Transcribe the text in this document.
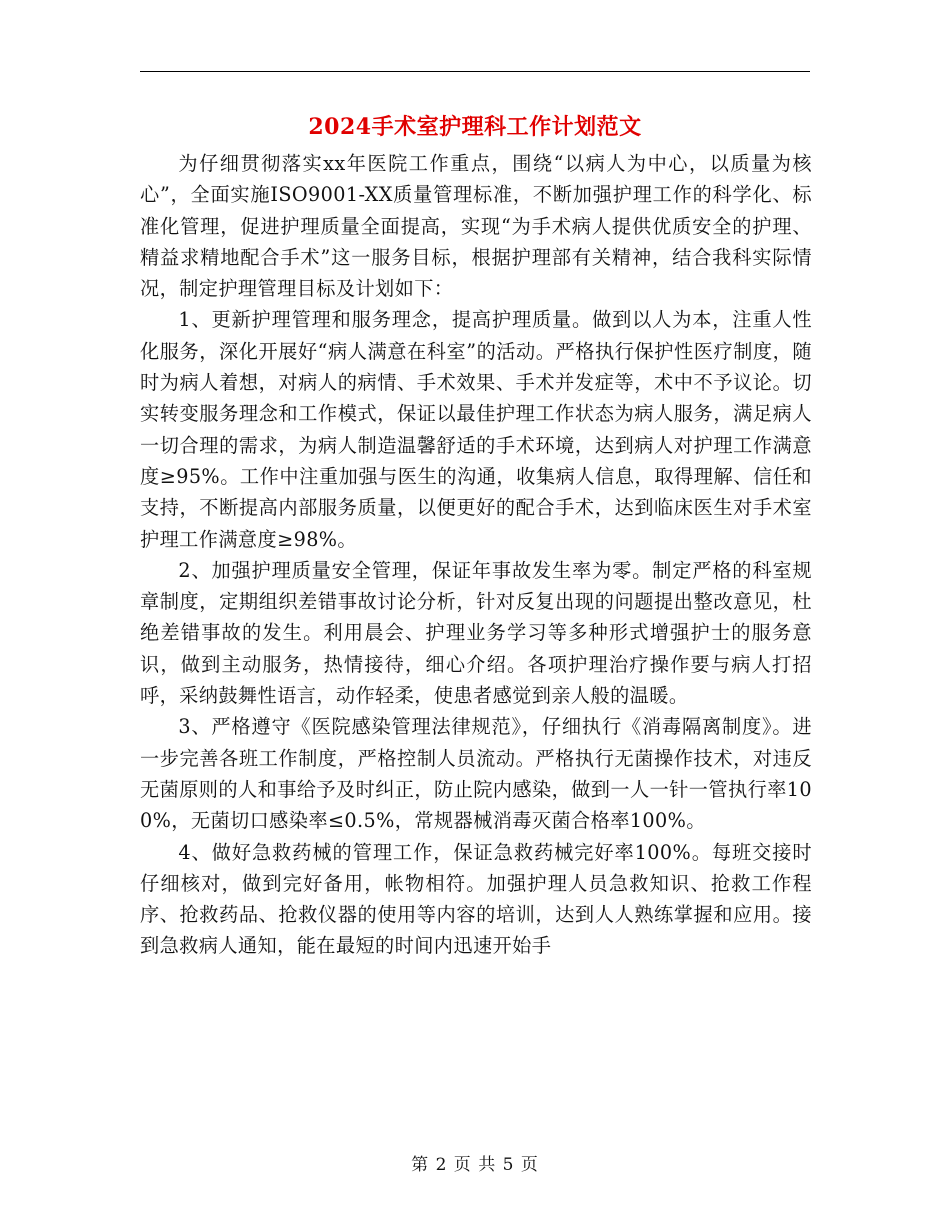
2024手术室护理科工作计划范文

为仔细贯彻落实xx年医院工作重点，围绕“以病人为中心，以质量为核心”，全面实施ISO9001-XX质量管理标准，不断加强护理工作的科学化、标准化管理，促进护理质量全面提高，实现“为手术病人提供优质安全的护理、精益求精地配合手术”这一服务目标，根据护理部有关精神，结合我科实际情况，制定护理管理目标及计划如下：

1、更新护理管理和服务理念，提高护理质量。做到以人为本，注重人性化服务，深化开展好“病人满意在科室”的活动。严格执行保护性医疗制度，随时为病人着想，对病人的病情、手术效果、手术并发症等，术中不予议论。切实转变服务理念和工作模式，保证以最佳护理工作状态为病人服务，满足病人一切合理的需求，为病人制造温馨舒适的手术环境，达到病人对护理工作满意度≥95%。工作中注重加强与医生的沟通，收集病人信息，取得理解、信任和支持，不断提高内部服务质量，以便更好的配合手术，达到临床医生对手术室护理工作满意度≥98%。

2、加强护理质量安全管理，保证年事故发生率为零。制定严格的科室规章制度，定期组织差错事故讨论分析，针对反复出现的问题提出整改意见，杜绝差错事故的发生。利用晨会、护理业务学习等多种形式增强护士的服务意识，做到主动服务，热情接待，细心介绍。各项护理治疗操作要与病人打招呼，采纳鼓舞性语言，动作轻柔，使患者感觉到亲人般的温暖。

3、严格遵守《医院感染管理法律规范》，仔细执行《消毒隔离制度》。进一步完善各班工作制度，严格控制人员流动。严格执行无菌操作技术，对违反无菌原则的人和事给予及时纠正，防止院内感染，做到一人一针一管执行率100%，无菌切口感染率≤0.5%，常规器械消毒灭菌合格率100%。

4、做好急救药械的管理工作，保证急救药械完好率100%。每班交接时仔细核对，做到完好备用，帐物相符。加强护理人员急救知识、抢救工作程序、抢救药品、抢救仪器的使用等内容的培训，达到人人熟练掌握和应用。接到急救病人通知，能在最短的时间内迅速开始手

第 2 页 共 5 页
